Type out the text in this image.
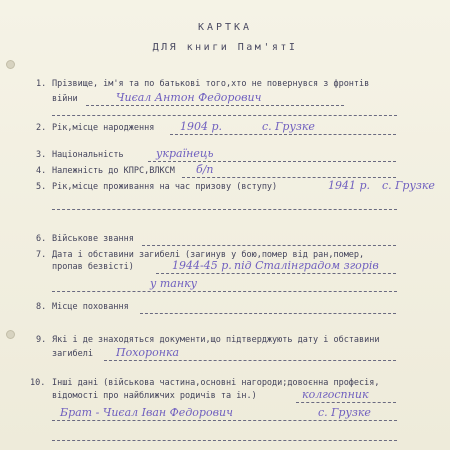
КАРТКА
ДЛЯ книги Пам'ятІ
1. Прізвище, ім'я та по батькові того,хто не повернувся з фронтів
війни	Чиєал Антон Федорович
2. Рік,місце народження 1904 р.	с. Грузке
3. Національність	українець
4. Належність до КПРС,ВЛКСМ б/п
5. Рік,місце проживання на час призову (вступу)	1941 р. с. Грузке
6. Військове звання
7. Дата і обставини загибелі (загинув у бою,помер від ран,помер,
пропав безвісті)	1944-45 р. під Сталінградом згорів
у танку
8. Місце поховання
9. Які і де знаходяться документи,що підтверджують дату і обставини
загибелі Похоронка
10. Інші дані (військова частина,основні нагороди;довоєнна професія,
відомості про найближчих родичів та ін.)	колгоспник
Брат - Чиєал Іван Федорович	с. Грузке
